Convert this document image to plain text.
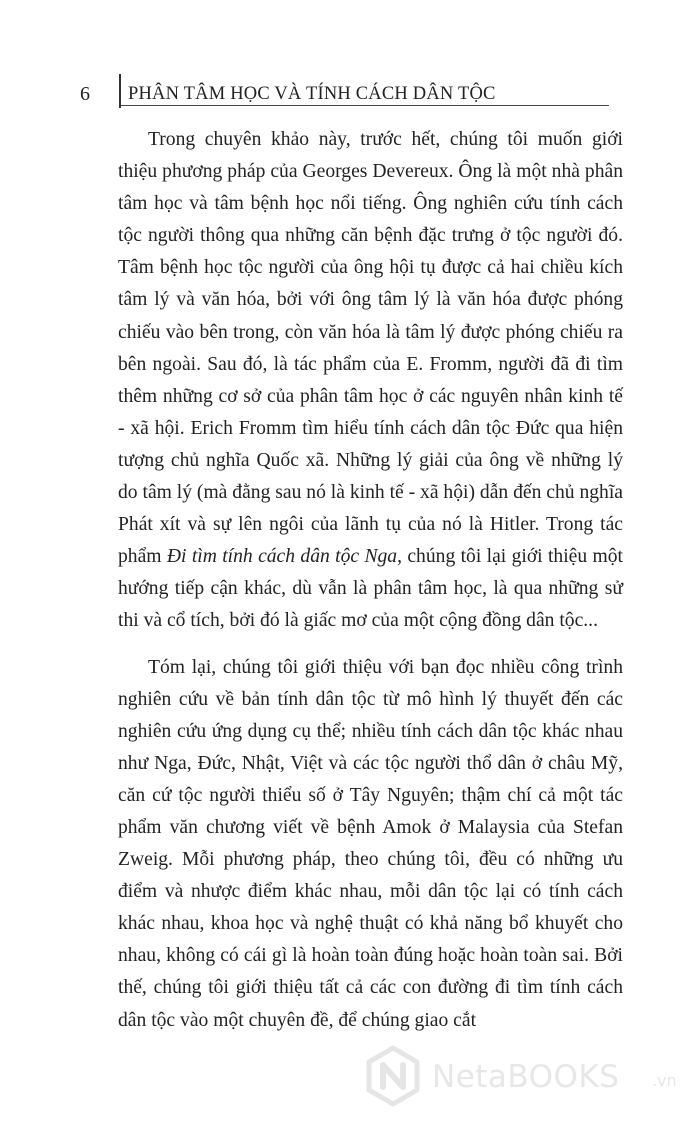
6 PHÂN TÂM HỌC VÀ TÍNH CÁCH DÂN TỘC

Trong chuyên khảo này, trước hết, chúng tôi muốn giới thiệu phương pháp của Georges Devereux. Ông là một nhà phân tâm học và tâm bệnh học nổi tiếng. Ông nghiên cứu tính cách tộc người thông qua những căn bệnh đặc trưng ở tộc người đó. Tâm bệnh học tộc người của ông hội tụ được cả hai chiều kích tâm lý và văn hóa, bởi với ông tâm lý là văn hóa được phóng chiếu vào bên trong, còn văn hóa là tâm lý được phóng chiếu ra bên ngoài. Sau đó, là tác phẩm của E. Fromm, người đã đi tìm thêm những cơ sở của phân tâm học ở các nguyên nhân kinh tế - xã hội. Erich Fromm tìm hiểu tính cách dân tộc Đức qua hiện tượng chủ nghĩa Quốc xã. Những lý giải của ông về những lý do tâm lý (mà đằng sau nó là kinh tế - xã hội) dẫn đến chủ nghĩa Phát xít và sự lên ngôi của lãnh tụ của nó là Hitler. Trong tác phẩm Đi tìm tính cách dân tộc Nga, chúng tôi lại giới thiệu một hướng tiếp cận khác, dù vẫn là phân tâm học, là qua những sử thi và cổ tích, bởi đó là giấc mơ của một cộng đồng dân tộc...

Tóm lại, chúng tôi giới thiệu với bạn đọc nhiều công trình nghiên cứu về bản tính dân tộc từ mô hình lý thuyết đến các nghiên cứu ứng dụng cụ thể; nhiều tính cách dân tộc khác nhau như Nga, Đức, Nhật, Việt và các tộc người thổ dân ở châu Mỹ, căn cứ tộc người thiểu số ở Tây Nguyên; thậm chí cả một tác phẩm văn chương viết về bệnh Amok ở Malaysia của Stefan Zweig. Mỗi phương pháp, theo chúng tôi, đều có những ưu điểm và nhược điểm khác nhau, mỗi dân tộc lại có tính cách khác nhau, khoa học và nghệ thuật có khả năng bổ khuyết cho nhau, không có cái gì là hoàn toàn đúng hoặc hoàn toàn sai. Bởi thế, chúng tôi giới thiệu tất cả các con đường đi tìm tính cách dân tộc vào một chuyên đề, để chúng giao cắt

NetaBOOKS .vn
